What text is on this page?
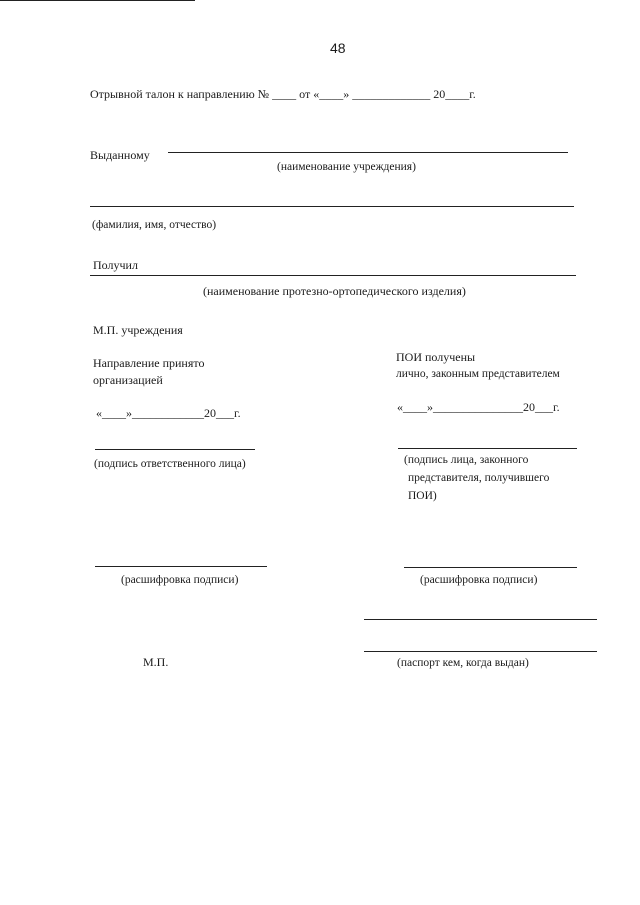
48
Отрывной талон к направлению № ____ от «____» _____________ 20____г.
Выданному
(наименование учреждения)
(фамилия, имя, отчество)
Получил
(наименование протезно-ортопедического изделия)
М.П. учреждения
Направление принято
организацией
«____»____________20___г.
(подпись ответственного лица)
(расшифровка подписи)
М.П.
ПОИ получены
лично, законным представителем
«____»_______________20___г.
(подпись лица, законного
представителя, получившего
ПОИ)
(расшифровка подписи)
(паспорт кем, когда выдан)
